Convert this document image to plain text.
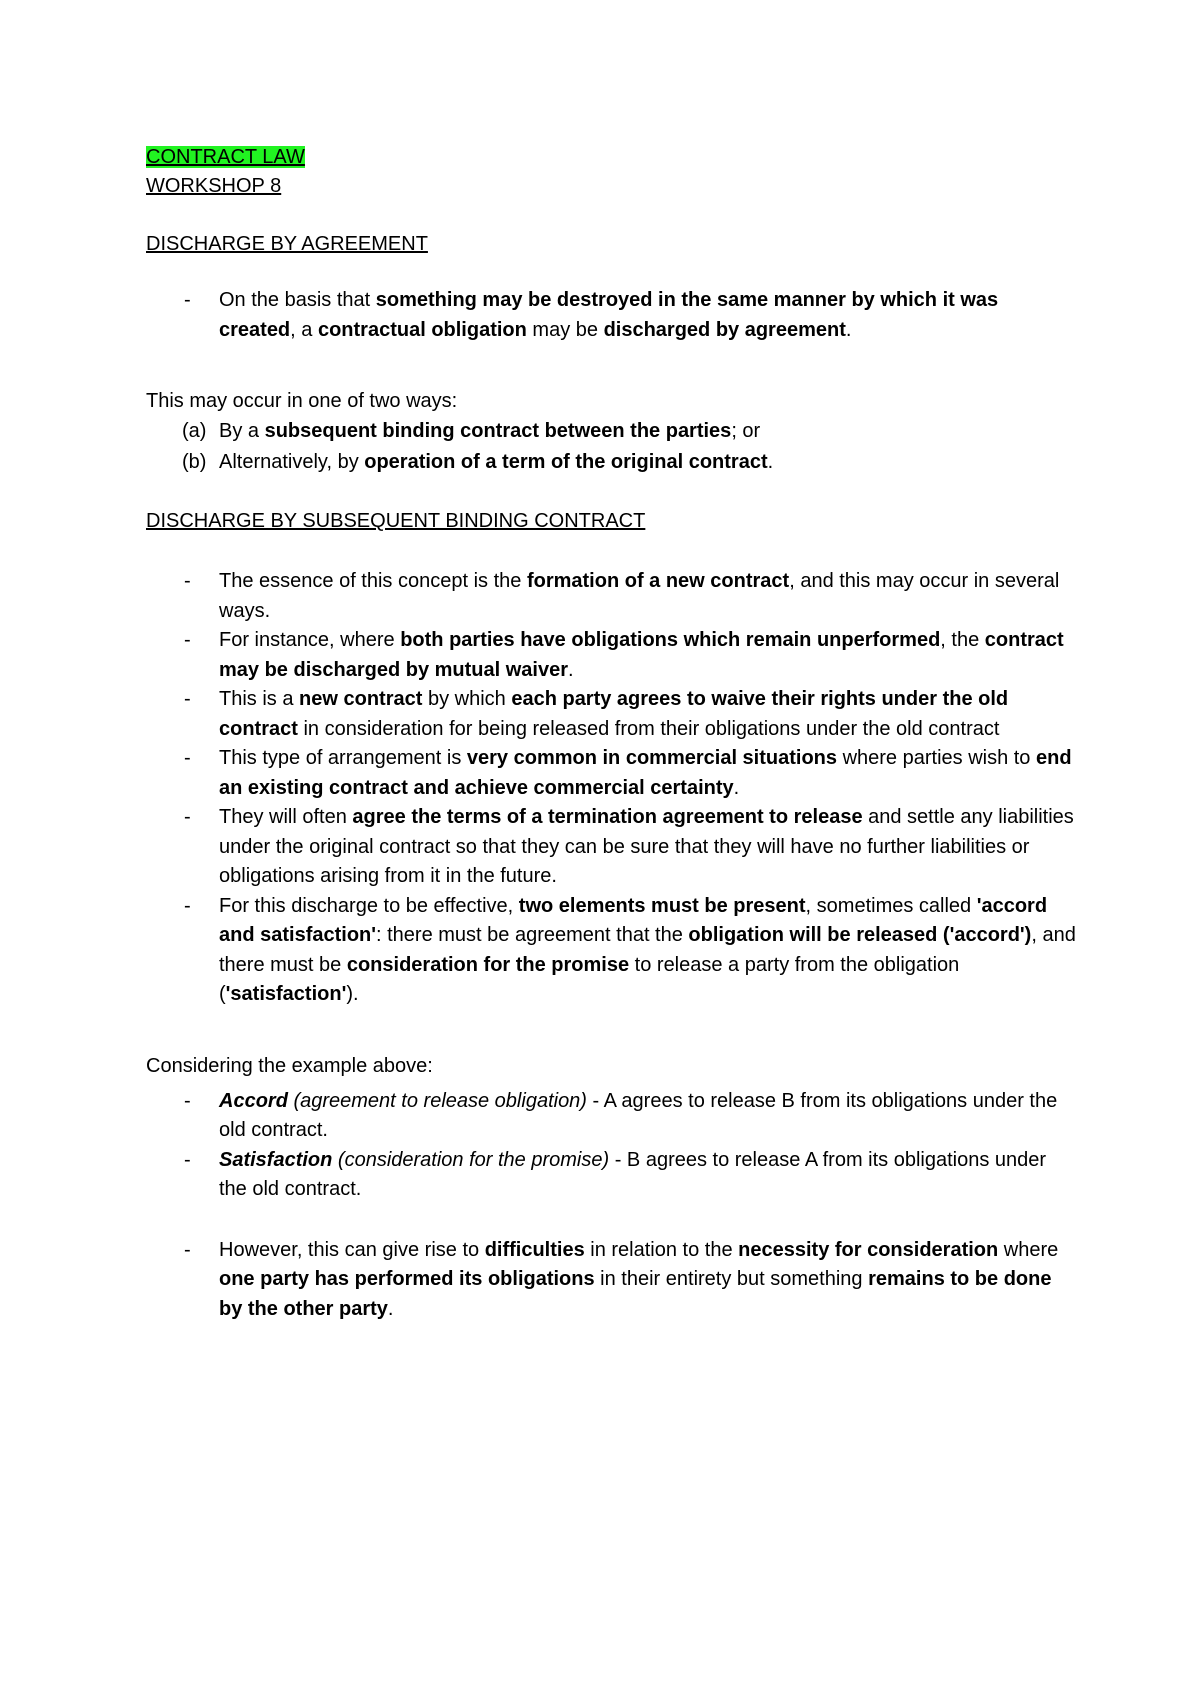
CONTRACT LAW
WORKSHOP 8
DISCHARGE BY AGREEMENT
- On the basis that something may be destroyed in the same manner by which it was created, a contractual obligation may be discharged by agreement.
This may occur in one of two ways:
(a) By a subsequent binding contract between the parties; or
(b) Alternatively, by operation of a term of the original contract.
DISCHARGE BY SUBSEQUENT BINDING CONTRACT
- The essence of this concept is the formation of a new contract, and this may occur in several ways.
- For instance, where both parties have obligations which remain unperformed, the contract may be discharged by mutual waiver.
- This is a new contract by which each party agrees to waive their rights under the old contract in consideration for being released from their obligations under the old contract
- This type of arrangement is very common in commercial situations where parties wish to end an existing contract and achieve commercial certainty.
- They will often agree the terms of a termination agreement to release and settle any liabilities under the original contract so that they can be sure that they will have no further liabilities or obligations arising from it in the future.
- For this discharge to be effective, two elements must be present, sometimes called 'accord and satisfaction': there must be agreement that the obligation will be released ('accord'), and there must be consideration for the promise to release a party from the obligation ('satisfaction').
Considering the example above:
- Accord (agreement to release obligation) - A agrees to release B from its obligations under the old contract.
- Satisfaction (consideration for the promise) - B agrees to release A from its obligations under the old contract.
- However, this can give rise to difficulties in relation to the necessity for consideration where one party has performed its obligations in their entirety but something remains to be done by the other party.
